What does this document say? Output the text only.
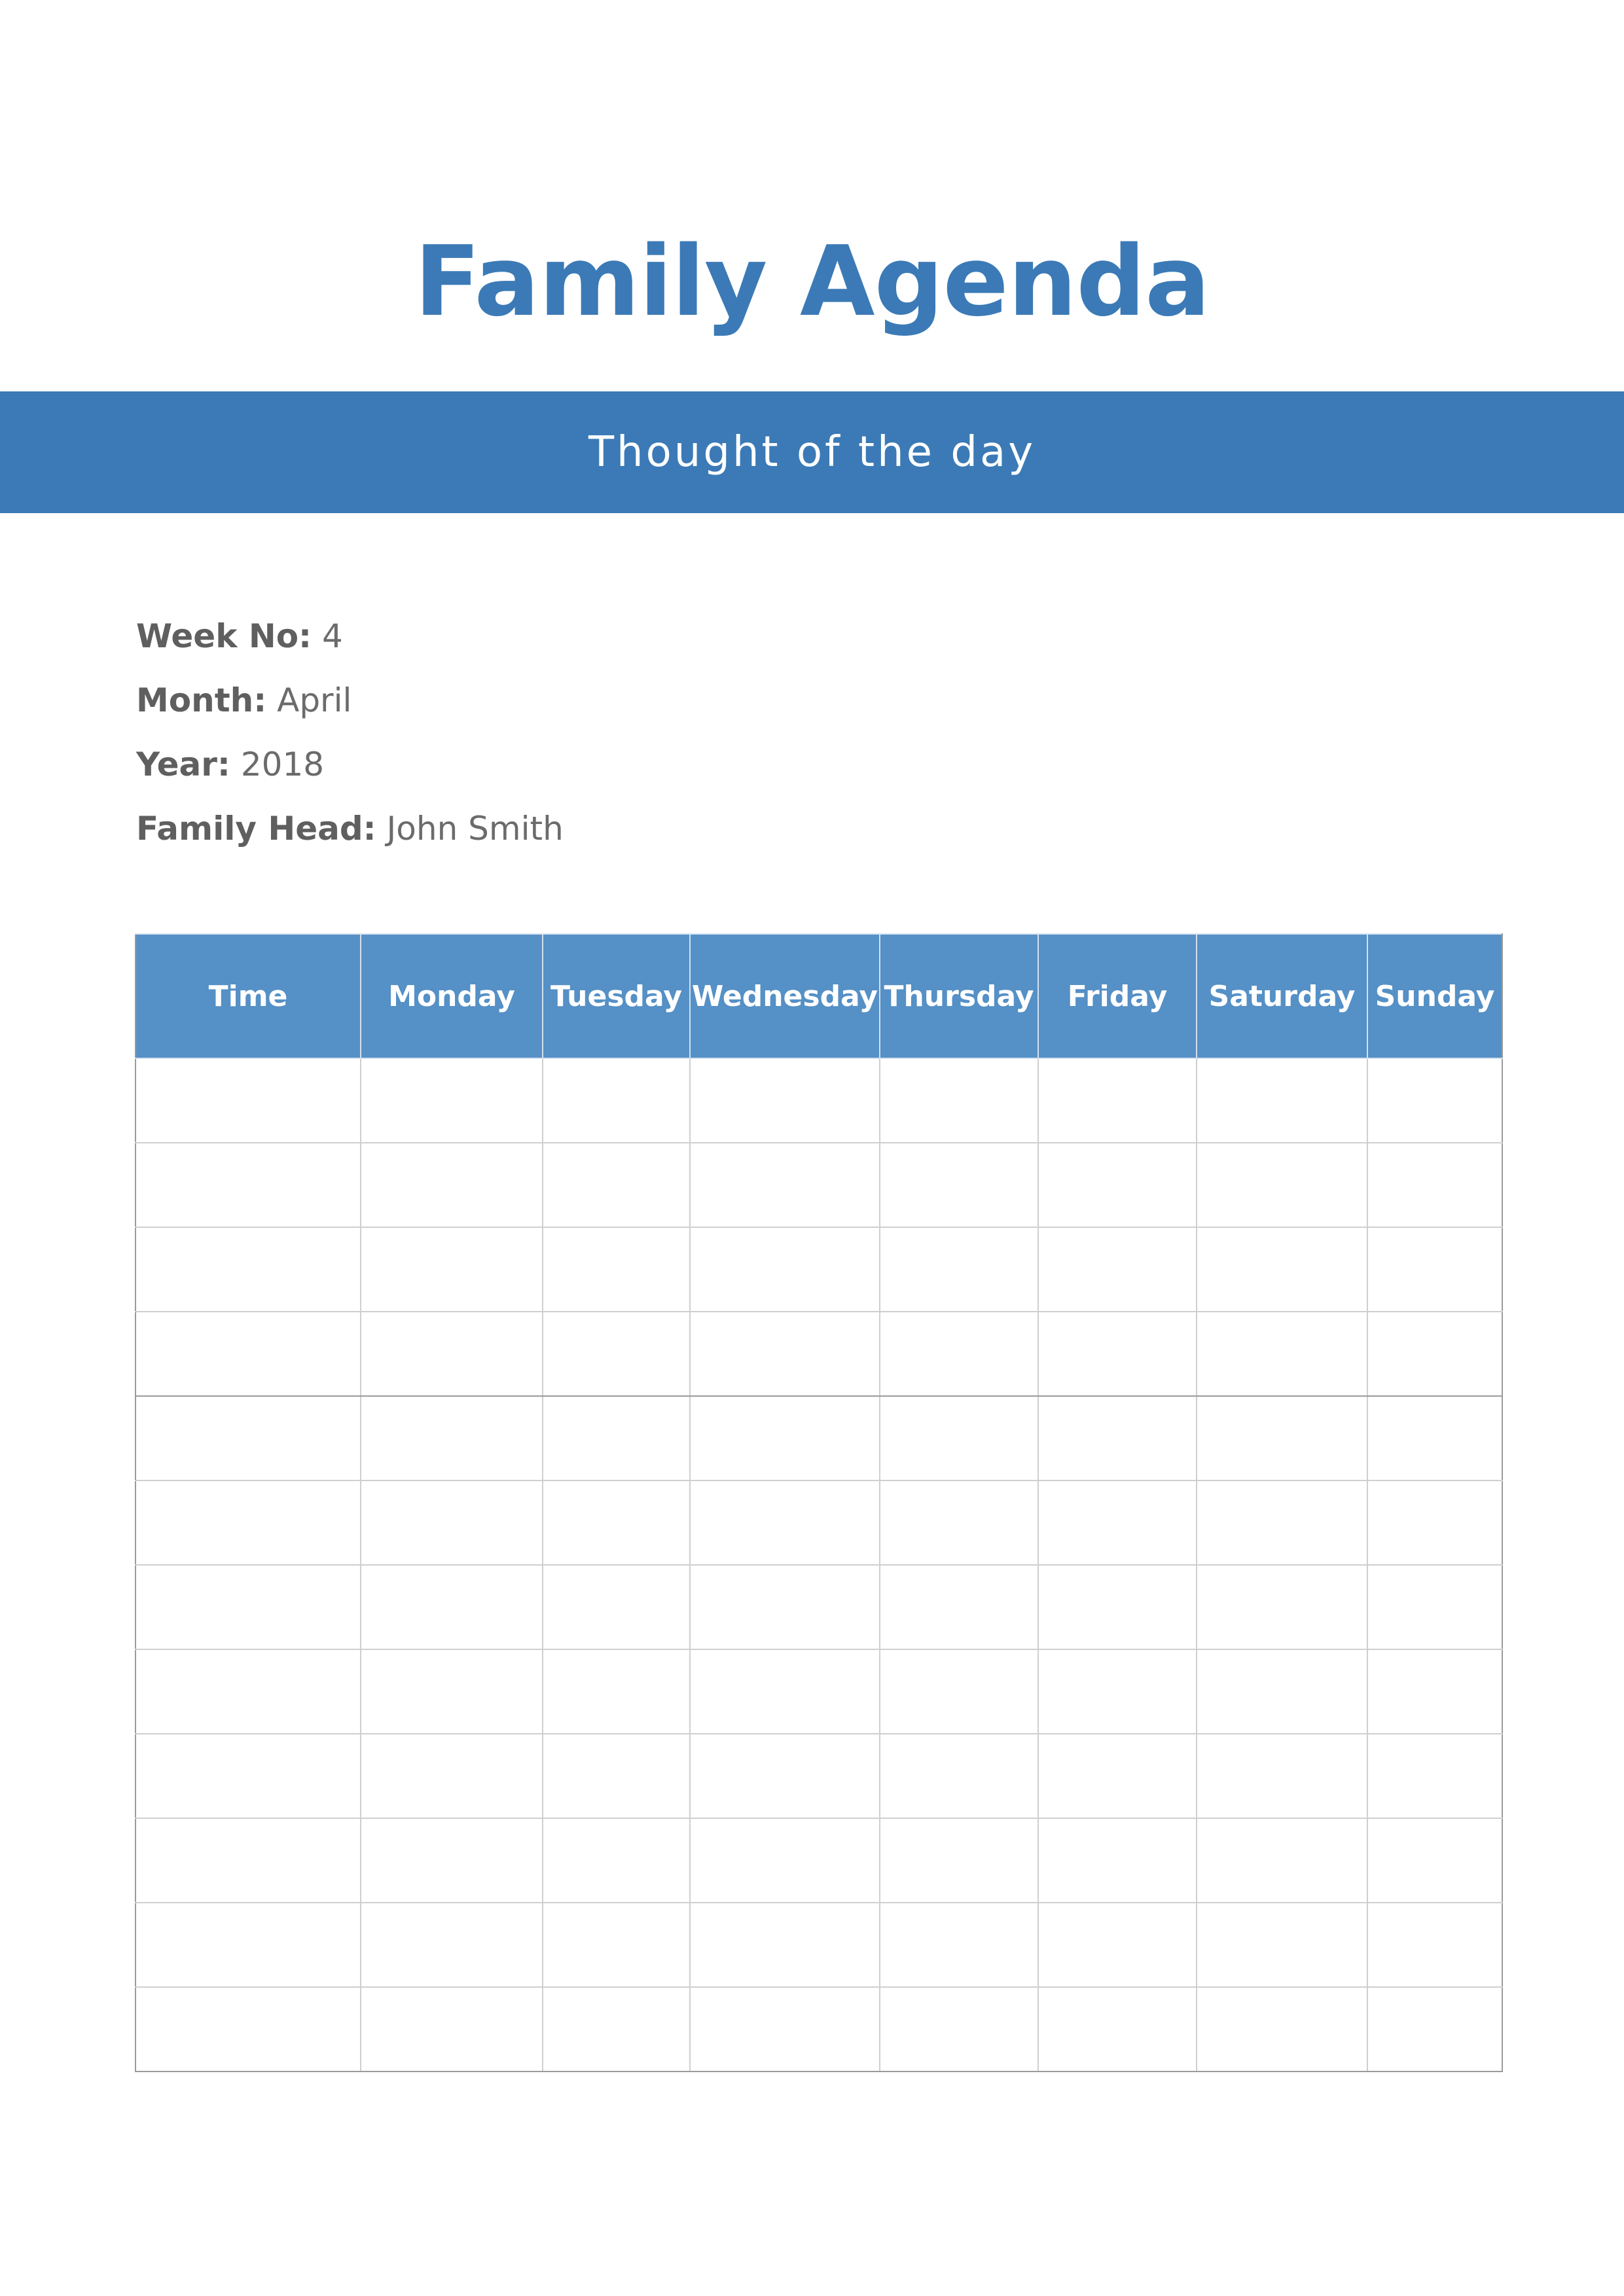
Family Agenda
Thought of the day
Week No: 4
Month: April
Year: 2018
Family Head: John Smith
Time	Monday	Tuesday	Wednesday	Thursday	Friday	Saturday	Sunday
